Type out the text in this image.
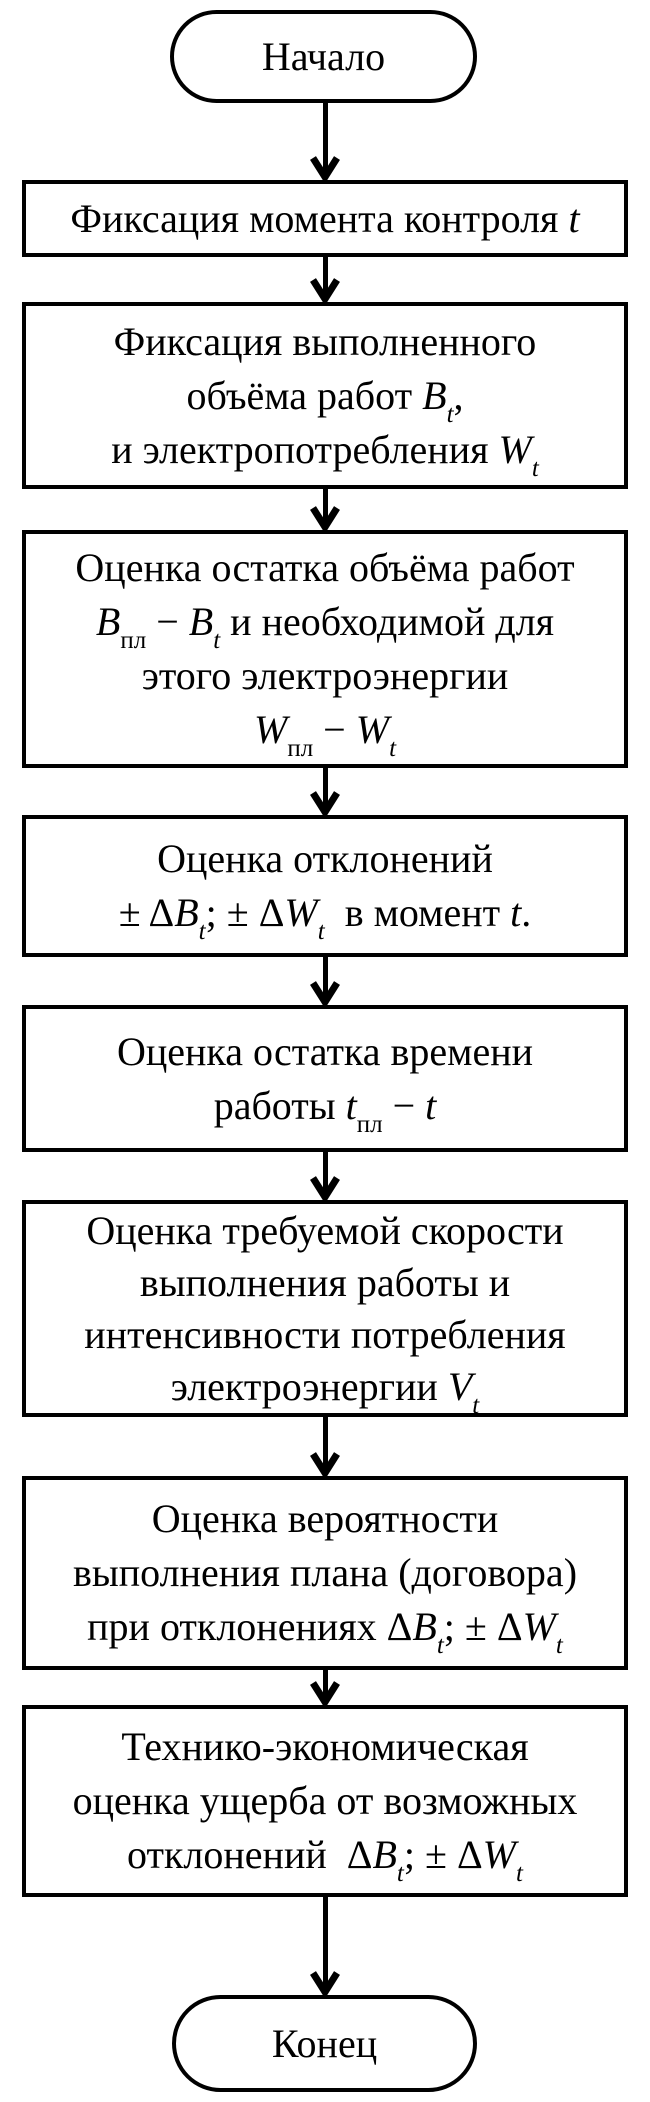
Начало
Фиксация момента контроля t
Фиксация выполненного
объёма работ $B_t$,
и электропотребления $W_t$
Оценка остатка объёма работ
$B_{пл} - B_t$ и необходимой для
этого электроэнергии
$W_{пл} - W_t$
Оценка отклонений
± $\Delta B_t$; ± $\Delta W_t$  в момент t.
Оценка остатка времени
работы $t_{пл} - t$
Оценка требуемой скорости
выполнения работы и
интенсивности потребления
электроэнергии $V_t$
Оценка вероятности
выполнения плана (договора)
при отклонениях $\Delta B_t$; ± $\Delta W_t$
Технико-экономическая
оценка ущерба от возможных
отклонений  $\Delta B_t$; ± $\Delta W_t$
Конец
